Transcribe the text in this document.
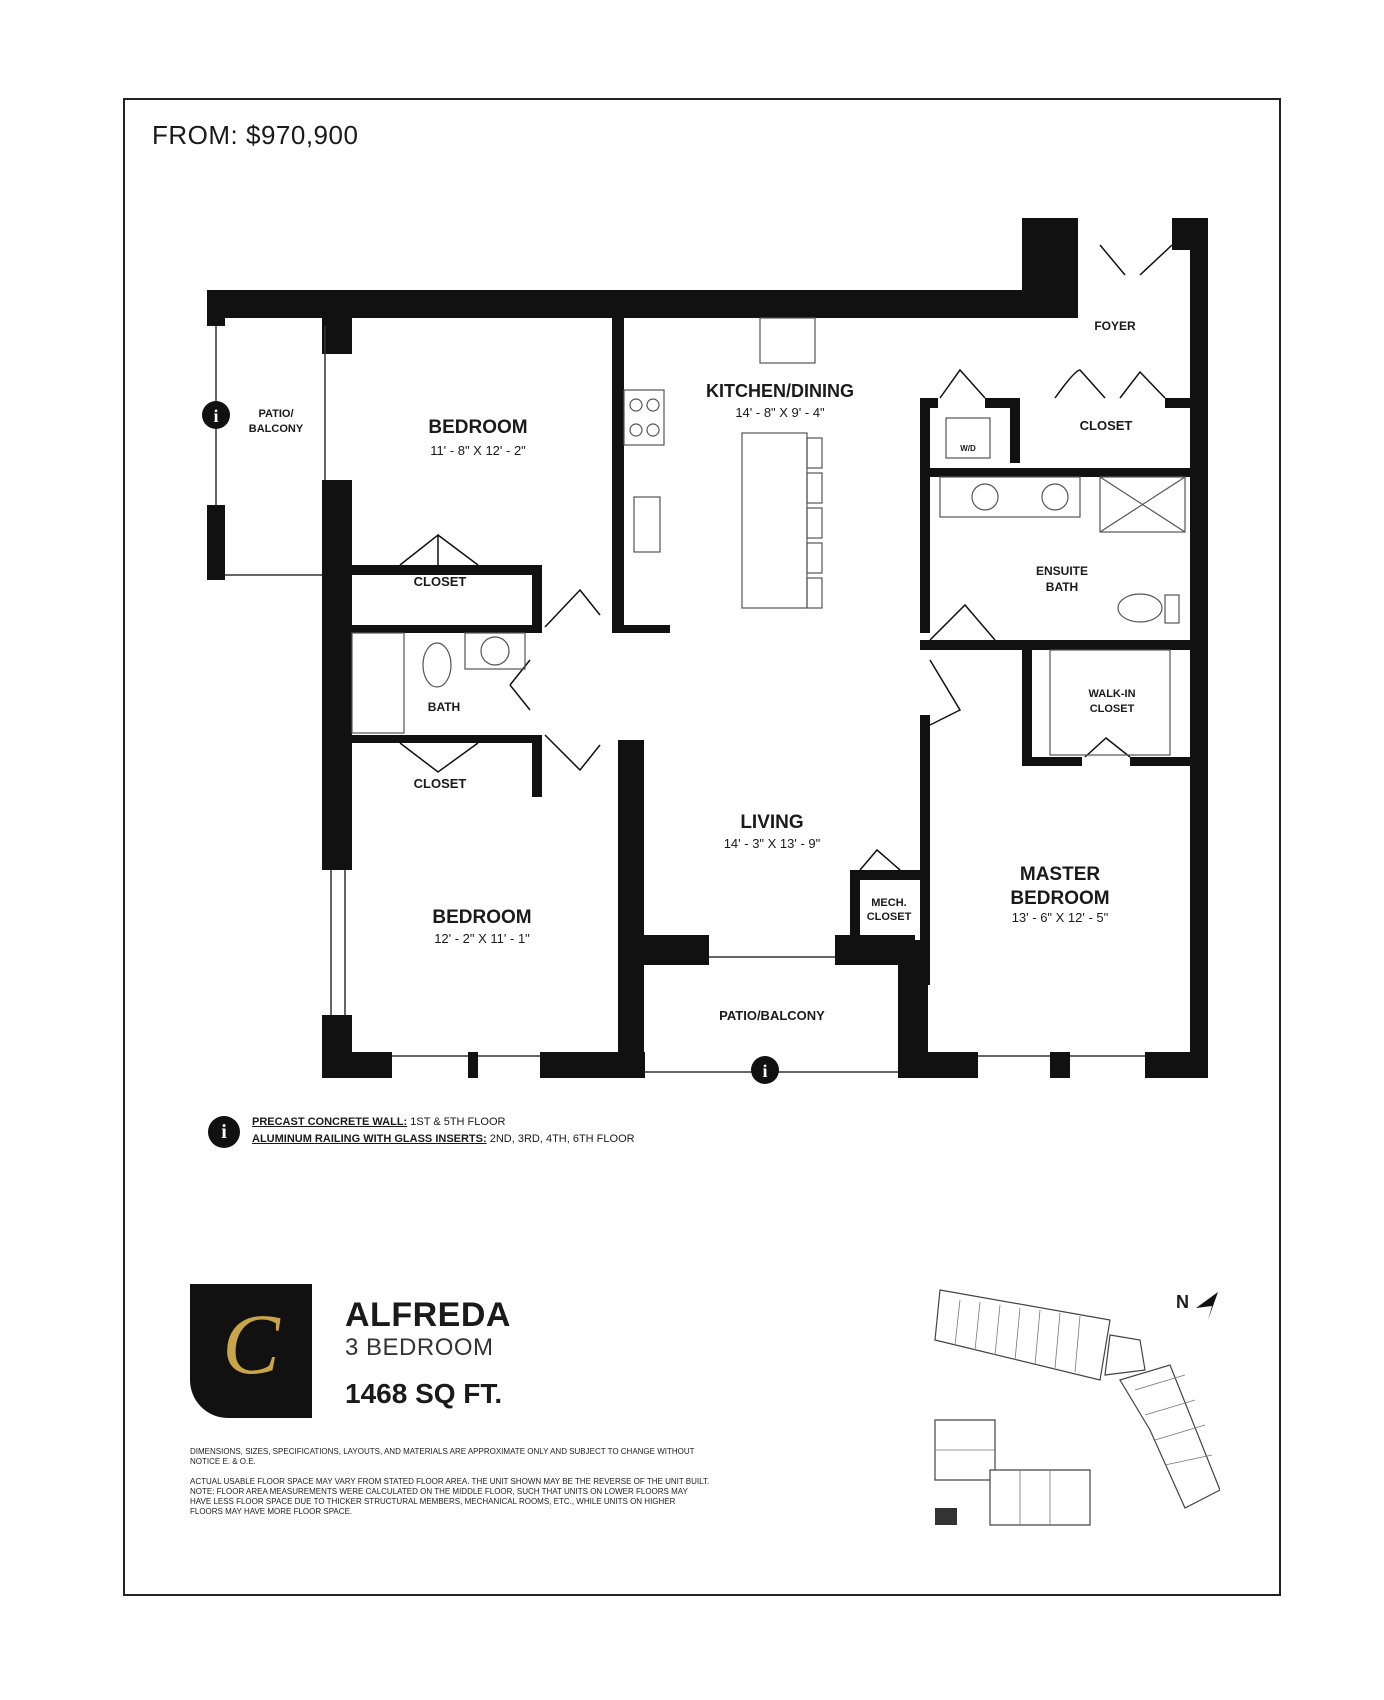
FROM: $970,900
i
i
BEDROOM
11' - 8" X 12' - 2"
KITCHEN/DINING
14' - 8" X 9' - 4"
FOYER
CLOSET
W/D
PATIO/
BALCONY
CLOSET
ENSUITE
BATH
BATH
WALK-IN
CLOSET
CLOSET
LIVING
14' - 3" X 13' - 9"
MASTER
BEDROOM
13' - 6" X 12' - 5"
MECH.
CLOSET
BEDROOM
12' - 2" X 11' - 1"
PATIO/BALCONY
i	PRECAST CONCRETE WALL: 1ST & 5TH FLOOR
ALUMINUM RAILING WITH GLASS INSERTS: 2ND, 3RD, 4TH, 6TH FLOOR
C	ALFREDA
3 BEDROOM
1468 SQ FT.

DIMENSIONS, SIZES, SPECIFICATIONS, LAYOUTS, AND MATERIALS ARE APPROXIMATE ONLY AND SUBJECT TO CHANGE WITHOUT NOTICE E. & O.E.

ACTUAL USABLE FLOOR SPACE MAY VARY FROM STATED FLOOR AREA. THE UNIT SHOWN MAY BE THE REVERSE OF THE UNIT BUILT. NOTE: FLOOR AREA MEASUREMENTS WERE CALCULATED ON THE MIDDLE FLOOR, SUCH THAT UNITS ON LOWER FLOORS MAY HAVE LESS FLOOR SPACE DUE TO THICKER STRUCTURAL MEMBERS, MECHANICAL ROOMS, ETC., WHILE UNITS ON HIGHER FLOORS MAY HAVE MORE FLOOR SPACE.

N
